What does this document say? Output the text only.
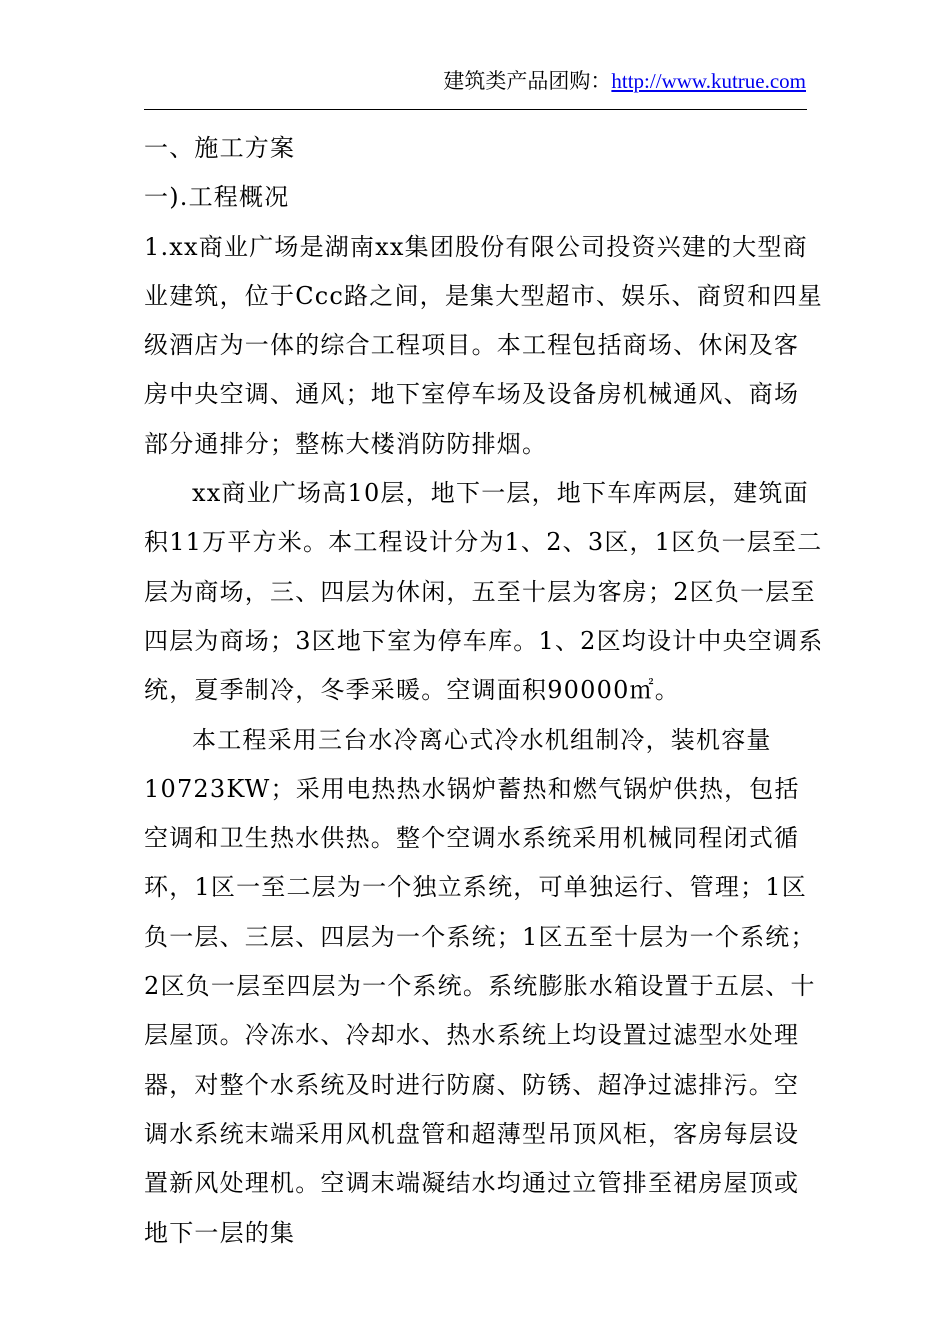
建筑类产品团购：http://www.kutrue.com

一、施工方案

一).工程概况

1.xx商业广场是湖南xx集团股份有限公司投资兴建的大型商业建筑，位于Ccc路之间，是集大型超市、娱乐、商贸和四星级酒店为一体的综合工程项目。本工程包括商场、休闲及客房中央空调、通风；地下室停车场及设备房机械通风、商场部分通排分；整栋大楼消防防排烟。

xx商业广场高10层，地下一层，地下车库两层，建筑面积11万平方米。本工程设计分为1、2、3区，1区负一层至二层为商场，三、四层为休闲，五至十层为客房；2区负一层至四层为商场；3区地下室为停车库。1、2区均设计中央空调系统，夏季制冷，冬季采暖。空调面积90000㎡。

本工程采用三台水冷离心式冷水机组制冷，装机容量10723KW；采用电热热水锅炉蓄热和燃气锅炉供热，包括空调和卫生热水供热。整个空调水系统采用机械同程闭式循环，1区一至二层为一个独立系统，可单独运行、管理；1区负一层、三层、四层为一个系统；1区五至十层为一个系统；2区负一层至四层为一个系统。系统膨胀水箱设置于五层、十层屋顶。冷冻水、冷却水、热水系统上均设置过滤型水处理器，对整个水系统及时进行防腐、防锈、超净过滤排污。空调水系统末端采用风机盘管和超薄型吊顶风柜，客房每层设置新风处理机。空调末端凝结水均通过立管排至裙房屋顶或地下一层的集
